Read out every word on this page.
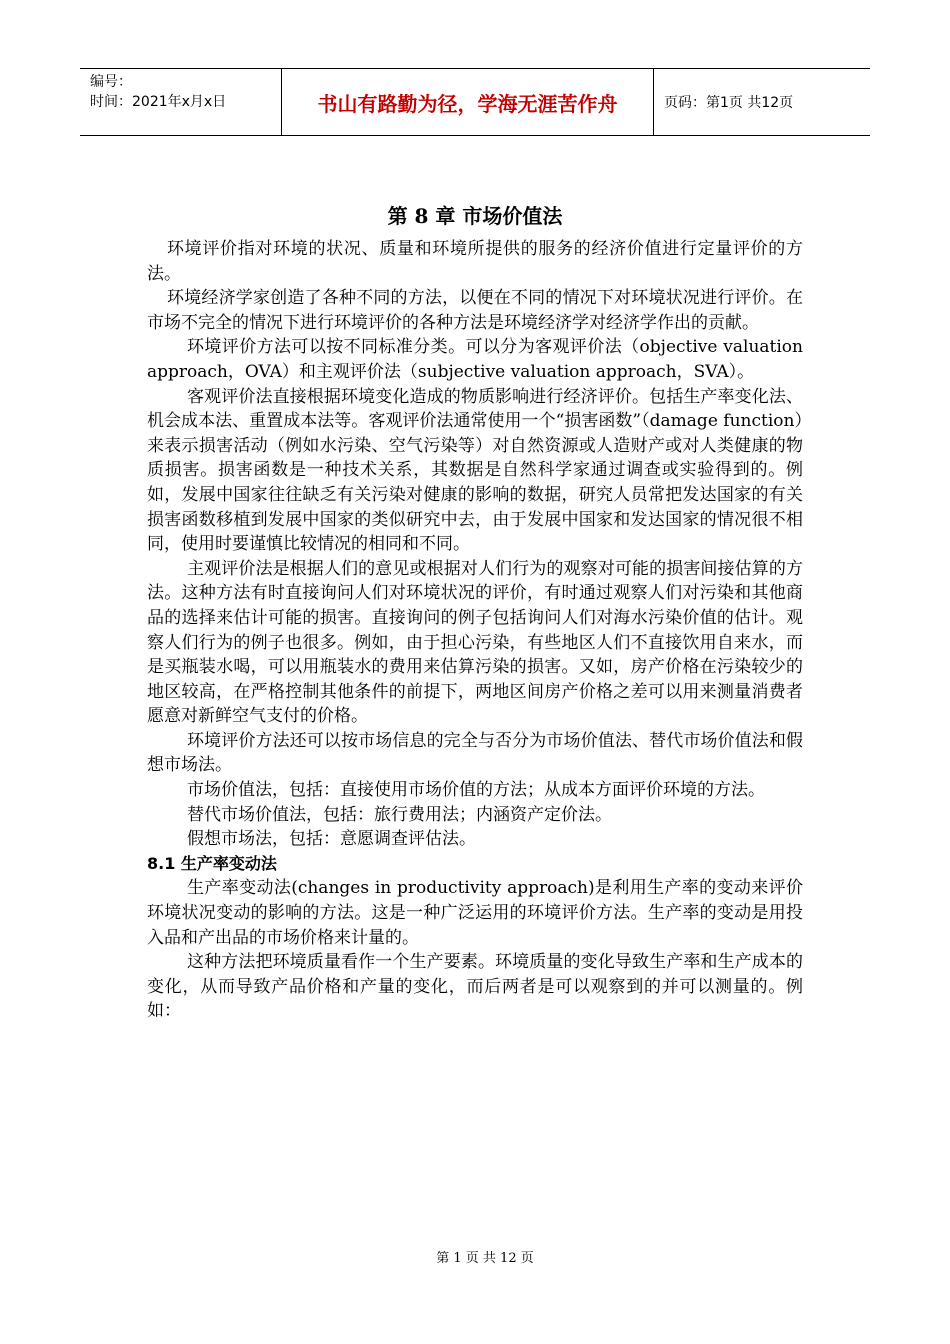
编号：
时间：2021年x月x日	书山有路勤为径，学海无涯苦作舟	页码：第1页 共12页
第 8 章 市场价值法

环境评价指对环境的状况、质量和环境所提供的服务的经济价值进行定量评价的方法。

环境经济学家创造了各种不同的方法，以便在不同的情况下对环境状况进行评价。在市场不完全的情况下进行环境评价的各种方法是环境经济学对经济学作出的贡献。

环境评价方法可以按不同标准分类。可以分为客观评价法（objective valuation approach，OVA）和主观评价法（subjective valuation approach，SVA）。

客观评价法直接根据环境变化造成的物质影响进行经济评价。包括生产率变化法、机会成本法、重置成本法等。客观评价法通常使用一个“损害函数”（damage function）来表示损害活动（例如水污染、空气污染等）对自然资源或人造财产或对人类健康的物质损害。损害函数是一种技术关系，其数据是自然科学家通过调查或实验得到的。例如，发展中国家往往缺乏有关污染对健康的影响的数据，研究人员常把发达国家的有关损害函数移植到发展中国家的类似研究中去，由于发展中国家和发达国家的情况很不相同，使用时要谨慎比较情况的相同和不同。

主观评价法是根据人们的意见或根据对人们行为的观察对可能的损害间接估算的方法。这种方法有时直接询问人们对环境状况的评价，有时通过观察人们对污染和其他商品的选择来估计可能的损害。直接询问的例子包括询问人们对海水污染价值的估计。观察人们行为的例子也很多。例如，由于担心污染，有些地区人们不直接饮用自来水，而是买瓶装水喝，可以用瓶装水的费用来估算污染的损害。又如，房产价格在污染较少的地区较高，在严格控制其他条件的前提下，两地区间房产价格之差可以用来测量消费者愿意对新鲜空气支付的价格。

环境评价方法还可以按市场信息的完全与否分为市场价值法、替代市场价值法和假想市场法。

市场价值法，包括：直接使用市场价值的方法；从成本方面评价环境的方法。

替代市场价值法，包括：旅行费用法；内涵资产定价法。

假想市场法，包括：意愿调查评估法。

8.1 生产率变动法

生产率变动法(changes in productivity approach)是利用生产率的变动来评价环境状况变动的影响的方法。这是一种广泛运用的环境评价方法。生产率的变动是用投入品和产出品的市场价格来计量的。

这种方法把环境质量看作一个生产要素。环境质量的变化导致生产率和生产成本的变化，从而导致产品价格和产量的变化，而后两者是可以观察到的并可以测量的。例如：

第 1 页 共 12 页
